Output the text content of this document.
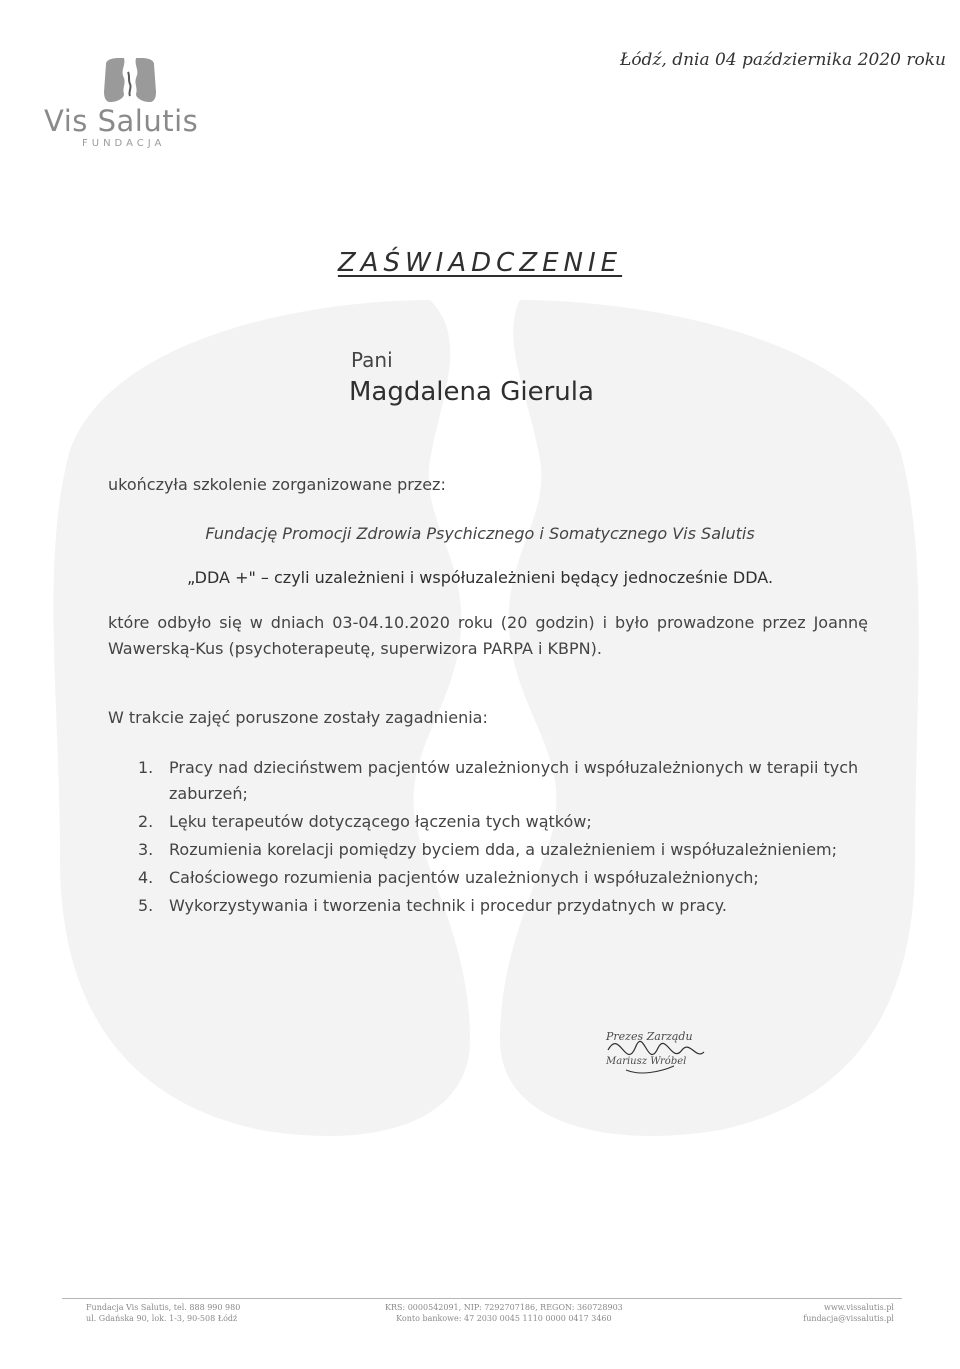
Łódź, dnia 04 października 2020 roku
Vis Salutis
FUNDACJA
ZAŚWIADCZENIE
Pani
Magdalena Gierula
ukończyła szkolenie zorganizowane przez:
Fundację Promocji Zdrowia Psychicznego i Somatycznego Vis Salutis
„DDA +" – czyli uzależnieni i współuzależnieni będący jednocześnie DDA.
które odbyło się w dniach 03-04.10.2020 roku (20 godzin) i było prowadzone przez Joannę Wawerską-Kus (psychoterapeutę, superwizora PARPA i KBPN).
W trakcie zajęć poruszone zostały zagadnienia:
1. Pracy nad dzieciństwem pacjentów uzależnionych i współuzależnionych w terapii tych zaburzeń;
2. Lęku terapeutów dotyczącego łączenia tych wątków;
3. Rozumienia korelacji pomiędzy byciem dda, a uzależnieniem i współuzależnieniem;
4. Całościowego rozumienia pacjentów uzależnionych i współuzależnionych;
5. Wykorzystywania i tworzenia technik i procedur przydatnych w pracy.
Prezes Zarządu
Mariusz Wróbel
Fundacja Vis Salutis, tel. 888 990 980
ul. Gdańska 90, lok. 1-3, 90-508 Łódź
KRS: 0000542091, NIP: 7292707186, REGON: 360728903
Konto bankowe: 47 2030 0045 1110 0000 0417 3460
www.vissalutis.pl
fundacja@vissalutis.pl
